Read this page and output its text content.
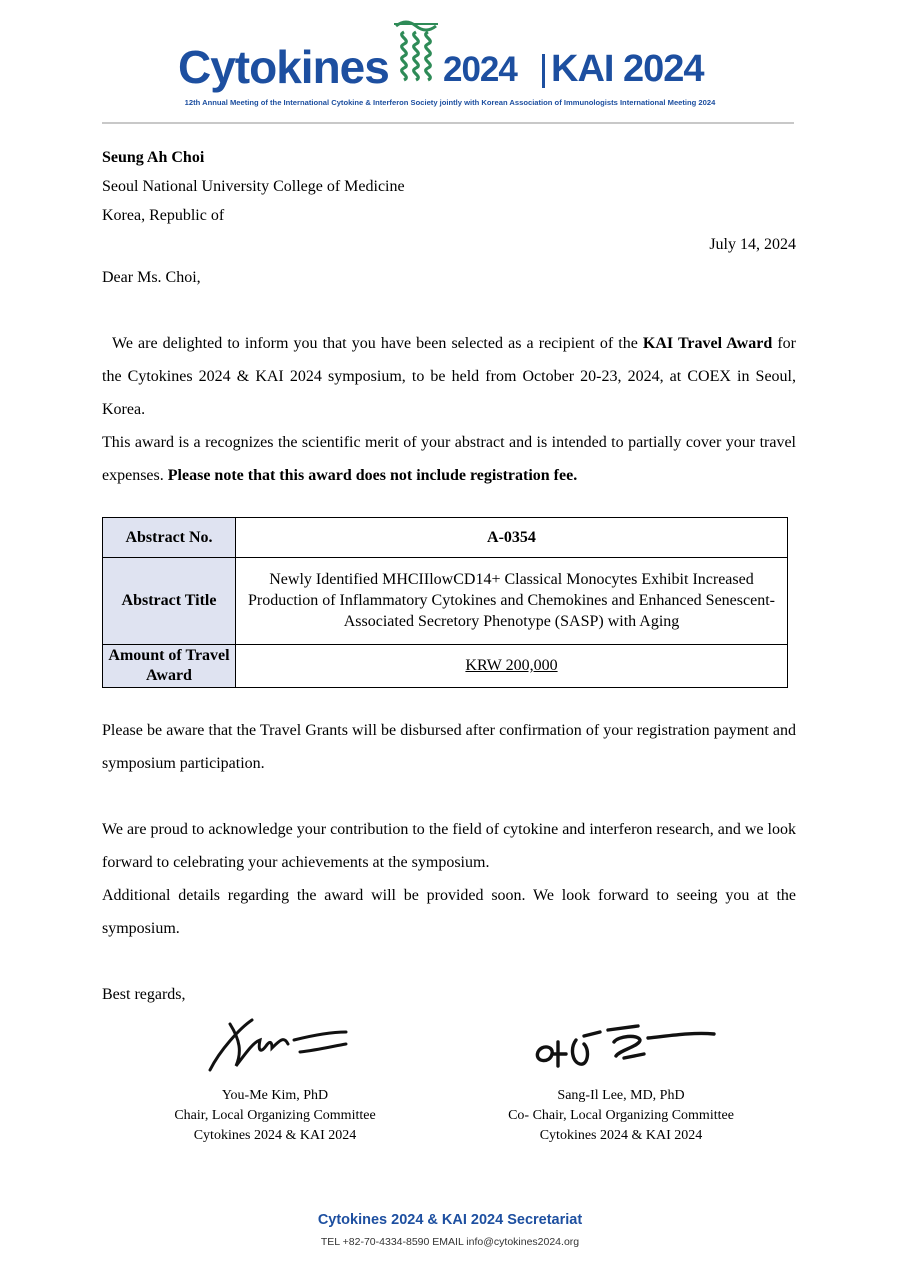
Cytokines 2024 KAI 2024
12th Annual Meeting of the International Cytokine & Interferon Society jointly with Korean Association of Immunologists International Meeting 2024
Seung Ah Choi
Seoul National University College of Medicine
Korea, Republic of
July 14, 2024
Dear Ms. Choi,
We are delighted to inform you that you have been selected as a recipient of the KAI Travel Award for the Cytokines 2024 & KAI 2024 symposium, to be held from October 20-23, 2024, at COEX in Seoul, Korea.
This award is a recognizes the scientific merit of your abstract and is intended to partially cover your travel expenses. Please note that this award does not include registration fee.
Abstract No.	A-0354
Abstract Title	Newly Identified MHCIIlowCD14+ Classical Monocytes Exhibit Increased Production of Inflammatory Cytokines and Chemokines and Enhanced Senescent-Associated Secretory Phenotype (SASP) with Aging
Amount of Travel Award	KRW 200,000
Please be aware that the Travel Grants will be disbursed after confirmation of your registration payment and symposium participation.
We are proud to acknowledge your contribution to the field of cytokine and interferon research, and we look forward to celebrating your achievements at the symposium.
Additional details regarding the award will be provided soon. We look forward to seeing you at the symposium.
Best regards,
You-Me Kim, PhD
Chair, Local Organizing Committee
Cytokines 2024 & KAI 2024
Sang-Il Lee, MD, PhD
Co- Chair, Local Organizing Committee
Cytokines 2024 & KAI 2024
Cytokines 2024 & KAI 2024 Secretariat
TEL +82-70-4334-8590 EMAIL info@cytokines2024.org
